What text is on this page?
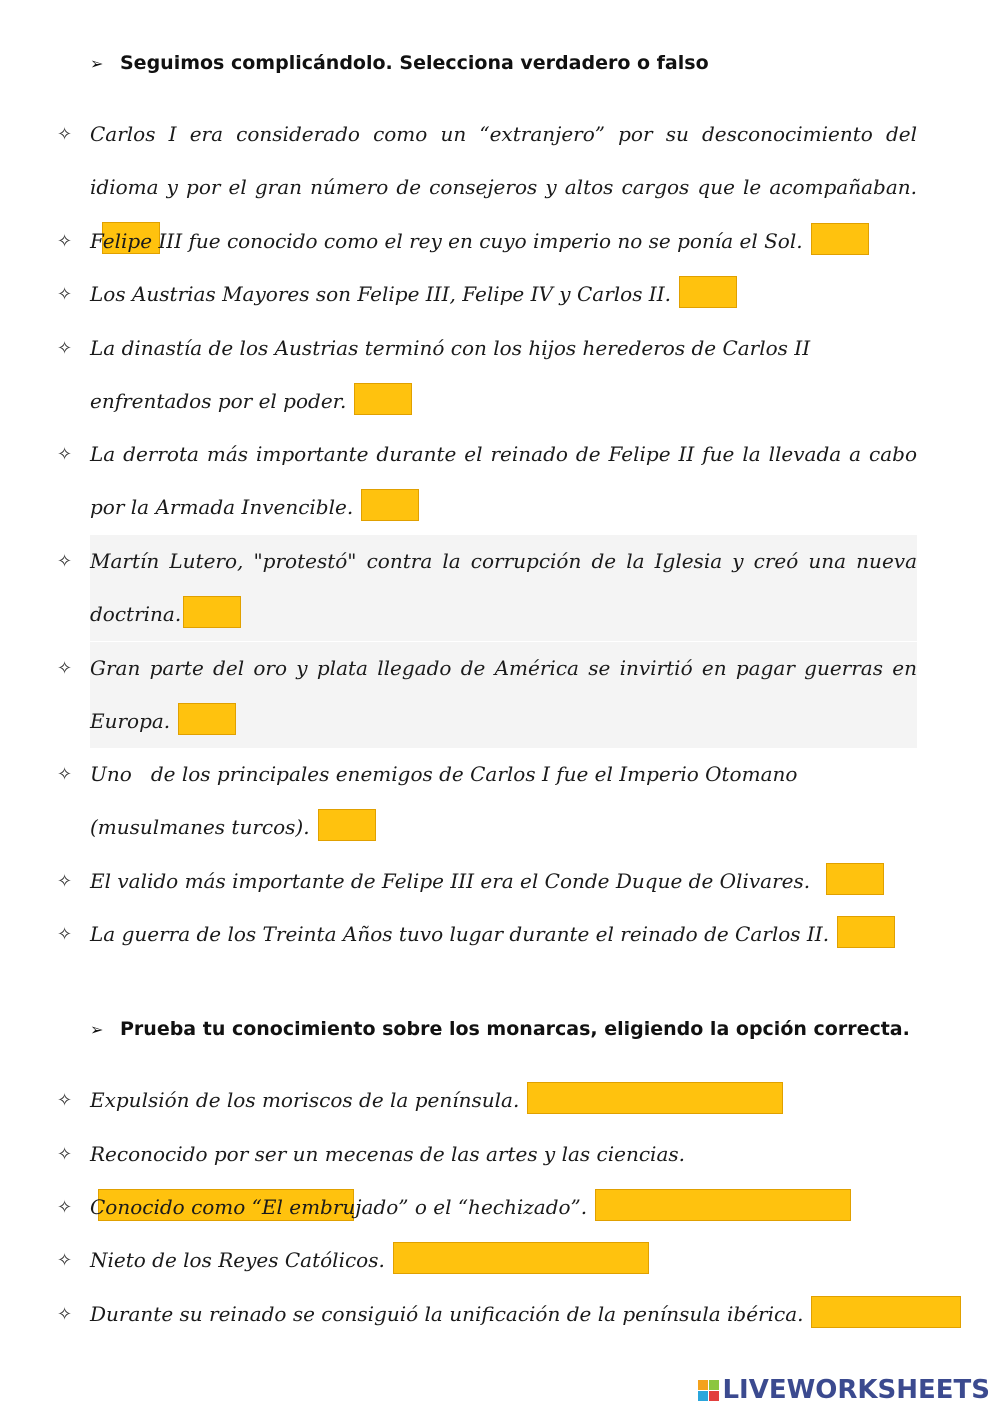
➢ Seguimos complicándolo. Selecciona verdadero o falso
✧ Carlos I era considerado como un “extranjero” por su desconocimiento del idioma y por el gran número de consejeros y altos cargos que le acompañaban.
✧ Felipe III fue conocido como el rey en cuyo imperio no se ponía el Sol.
✧ Los Austrias Mayores son Felipe III, Felipe IV y Carlos II.
✧ La dinastía de los Austrias terminó con los hijos herederos de Carlos II enfrentados por el poder.
✧ La derrota más importante durante el reinado de Felipe II fue la llevada a cabo por la Armada Invencible.
✧ Martín Lutero, "protestó" contra la corrupción de la Iglesia y creó una nueva doctrina.
✧ Gran parte del oro y plata llegado de América se invirtió en pagar guerras en Europa.
✧ Uno   de los principales enemigos de Carlos I fue el Imperio Otomano (musulmanes turcos).
✧ El valido más importante de Felipe III era el Conde Duque de Olivares.
✧ La guerra de los Treinta Años tuvo lugar durante el reinado de Carlos II.
➢ Prueba tu conocimiento sobre los monarcas, eligiendo la opción correcta.
✧ Expulsión de los moriscos de la península.
✧ Reconocido por ser un mecenas de las artes y las ciencias.
✧ Conocido como “El embrujado” o el “hechizado”.
✧ Nieto de los Reyes Católicos.
✧ Durante su reinado se consiguió la unificación de la península ibérica.
LIVEWORKSHEETS
